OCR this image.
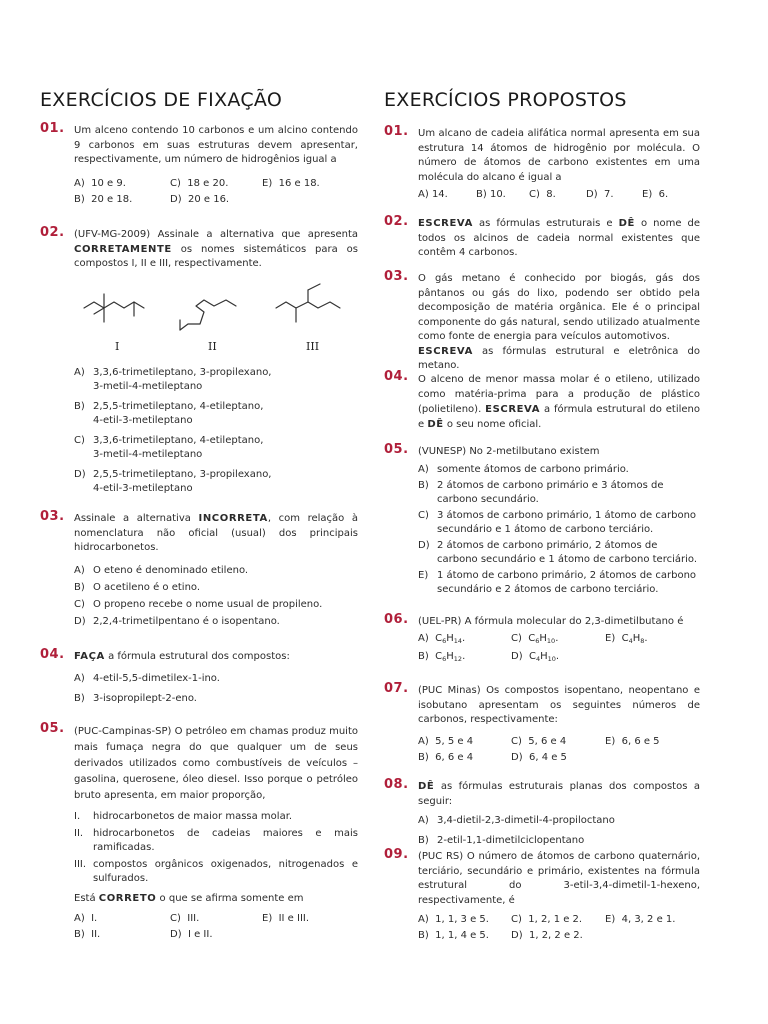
EXERCÍCIOS DE FIXAÇÃO
01. Um alceno contendo 10 carbonos e um alcino contendo 9 carbonos em suas estruturas devem apresentar, respectivamente, um número de hidrogênios igual a
A) 10 e 9.	C) 18 e 20.	E) 16 e 18.
B) 20 e 18.	D) 20 e 16.
02. (UFV-MG-2009) Assinale a alternativa que apresenta CORRETAMENTE os nomes sistemáticos para os compostos I, II e III, respectivamente.
I	II	III
A) 3,3,6-trimetileptano, 3-propilexano,
3-metil-4-metileptano
B) 2,5,5-trimetileptano, 4-etileptano,
4-etil-3-metileptano
C) 3,3,6-trimetileptano, 4-etileptano,
3-metil-4-metileptano
D) 2,5,5-trimetileptano, 3-propilexano,
4-etil-3-metileptano
03. Assinale a alternativa INCORRETA, com relação à nomenclatura não oficial (usual) dos principais hidrocarbonetos.
A) O eteno é denominado etileno.
B) O acetileno é o etino.
C) O propeno recebe o nome usual de propileno.
D) 2,2,4-trimetilpentano é o isopentano.
04. FAÇA a fórmula estrutural dos compostos:
A) 4-etil-5,5-dimetilex-1-ino.
B) 3-isopropilept-2-eno.
05. (PUC-Campinas-SP) O petróleo em chamas produz muito mais fumaça negra do que qualquer um de seus derivados utilizados como combustíveis de veículos – gasolina, querosene, óleo diesel. Isso porque o petróleo bruto apresenta, em maior proporção,
I.	hidrocarbonetos de maior massa molar.
II. hidrocarbonetos de cadeias maiores e mais ramificadas.
III. compostos orgânicos oxigenados, nitrogenados e sulfurados.
Está CORRETO o que se afirma somente em
A) I.	C) III.	E) II e III.
B) II.	D) I e II.
EXERCÍCIOS PROPOSTOS
01. Um alcano de cadeia alifática normal apresenta em sua estrutura 14 átomos de hidrogênio por molécula. O número de átomos de carbono existentes em uma molécula do alcano é igual a
A) 14.	B) 10.	C) 8.	D) 7.	E) 6.
02. ESCREVA as fórmulas estruturais e DÊ o nome de todos os alcinos de cadeia normal existentes que contêm 4 carbonos.
03. O gás metano é conhecido por biogás, gás dos pântanos ou gás do lixo, podendo ser obtido pela decomposição de matéria orgânica. Ele é o principal componente do gás natural, sendo utilizado atualmente como fonte de energia para veículos automotivos.

ESCREVA as fórmulas estrutural e eletrônica do metano.

04. O alceno de menor massa molar é o etileno, utilizado como matéria-prima para a produção de plástico (polietileno). ESCREVA a fórmula estrutural do etileno e DÊ o seu nome oficial.
05. (VUNESP) No 2-metilbutano existem
A) somente átomos de carbono primário.
B) 2 átomos de carbono primário e 3 átomos de carbono secundário.
C) 3 átomos de carbono primário, 1 átomo de carbono secundário e 1 átomo de carbono terciário.
D) 2 átomos de carbono primário, 2 átomos de carbono secundário e 1 átomo de carbono terciário.
E) 1 átomo de carbono primário, 2 átomos de carbono secundário e 2 átomos de carbono terciário.
06. (UEL-PR) A fórmula molecular do 2,3-dimetilbutano é
A) $C_6H_{14}$.	C) $C_6H_{10}$.	E) $C_4H_8$.
B) $C_6H_{12}$.	D) $C_4H_{10}$.
07. (PUC Minas) Os compostos isopentano, neopentano e isobutano apresentam os seguintes números de carbonos, respectivamente:
A) 5, 5 e 4	C) 5, 6 e 4	E) 6, 6 e 5
B) 6, 6 e 4	D) 6, 4 e 5
08. DÊ as fórmulas estruturais planas dos compostos a seguir:
A) 3,4-dietil-2,3-dimetil-4-propiloctano
B) 2-etil-1,1-dimetilciclopentano
09. (PUC RS) O número de átomos de carbono quaternário, terciário, secundário e primário, existentes na fórmula estrutural do 3-etil-3,4-dimetil-1-hexeno, respectivamente, é
A) 1, 1, 3 e 5.	C) 1, 2, 1 e 2.	E) 4, 3, 2 e 1.
B) 1, 1, 4 e 5.	D) 1, 2, 2 e 2.
